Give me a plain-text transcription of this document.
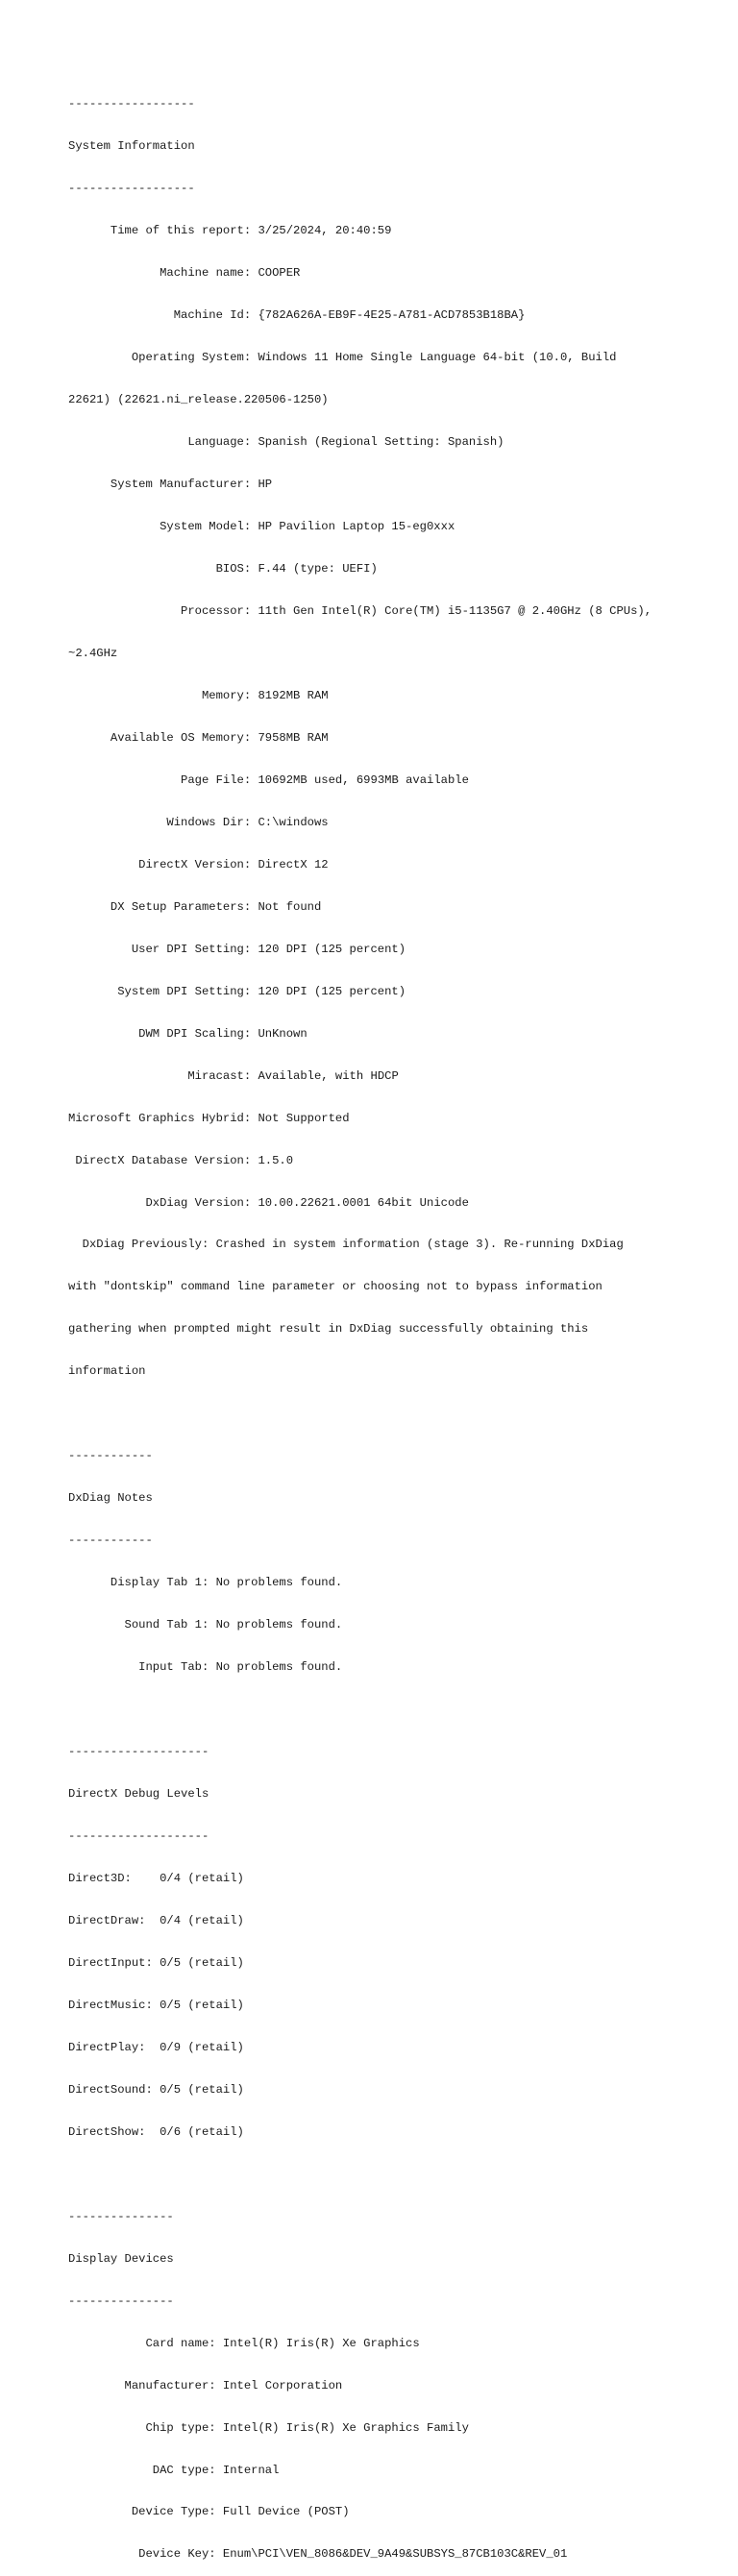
------------------

System Information

------------------

Time of this report: 3/25/2024, 20:40:59

Machine name: COOPER

Machine Id: {782A626A-EB9F-4E25-A781-ACD7853B18BA}

Operating System: Windows 11 Home Single Language 64-bit (10.0, Build

22621) (22621.ni_release.220506-1250)

Language: Spanish (Regional Setting: Spanish)

System Manufacturer: HP

System Model: HP Pavilion Laptop 15-eg0xxx

BIOS: F.44 (type: UEFI)

Processor: 11th Gen Intel(R) Core(TM) i5-1135G7 @ 2.40GHz (8 CPUs),

~2.4GHz

Memory: 8192MB RAM

Available OS Memory: 7958MB RAM

Page File: 10692MB used, 6993MB available

Windows Dir: C:\windows

DirectX Version: DirectX 12

DX Setup Parameters: Not found

User DPI Setting: 120 DPI (125 percent)

System DPI Setting: 120 DPI (125 percent)

DWM DPI Scaling: UnKnown

Miracast: Available, with HDCP

Microsoft Graphics Hybrid: Not Supported

DirectX Database Version: 1.5.0

DxDiag Version: 10.00.22621.0001 64bit Unicode

DxDiag Previously: Crashed in system information (stage 3). Re-running DxDiag

with "dontskip" command line parameter or choosing not to bypass information

gathering when prompted might result in DxDiag successfully obtaining this

information

------------

DxDiag Notes

------------

Display Tab 1: No problems found.

Sound Tab 1: No problems found.

Input Tab: No problems found.

--------------------

DirectX Debug Levels

--------------------

Direct3D:    0/4 (retail)

DirectDraw:  0/4 (retail)

DirectInput: 0/5 (retail)

DirectMusic: 0/5 (retail)

DirectPlay:  0/9 (retail)

DirectSound: 0/5 (retail)

DirectShow:  0/6 (retail)

---------------

Display Devices

---------------

Card name: Intel(R) Iris(R) Xe Graphics

Manufacturer: Intel Corporation

Chip type: Intel(R) Iris(R) Xe Graphics Family

DAC type: Internal

Device Type: Full Device (POST)

Device Key: Enum\PCI\VEN_8086&DEV_9A49&SUBSYS_87CB103C&REV_01
